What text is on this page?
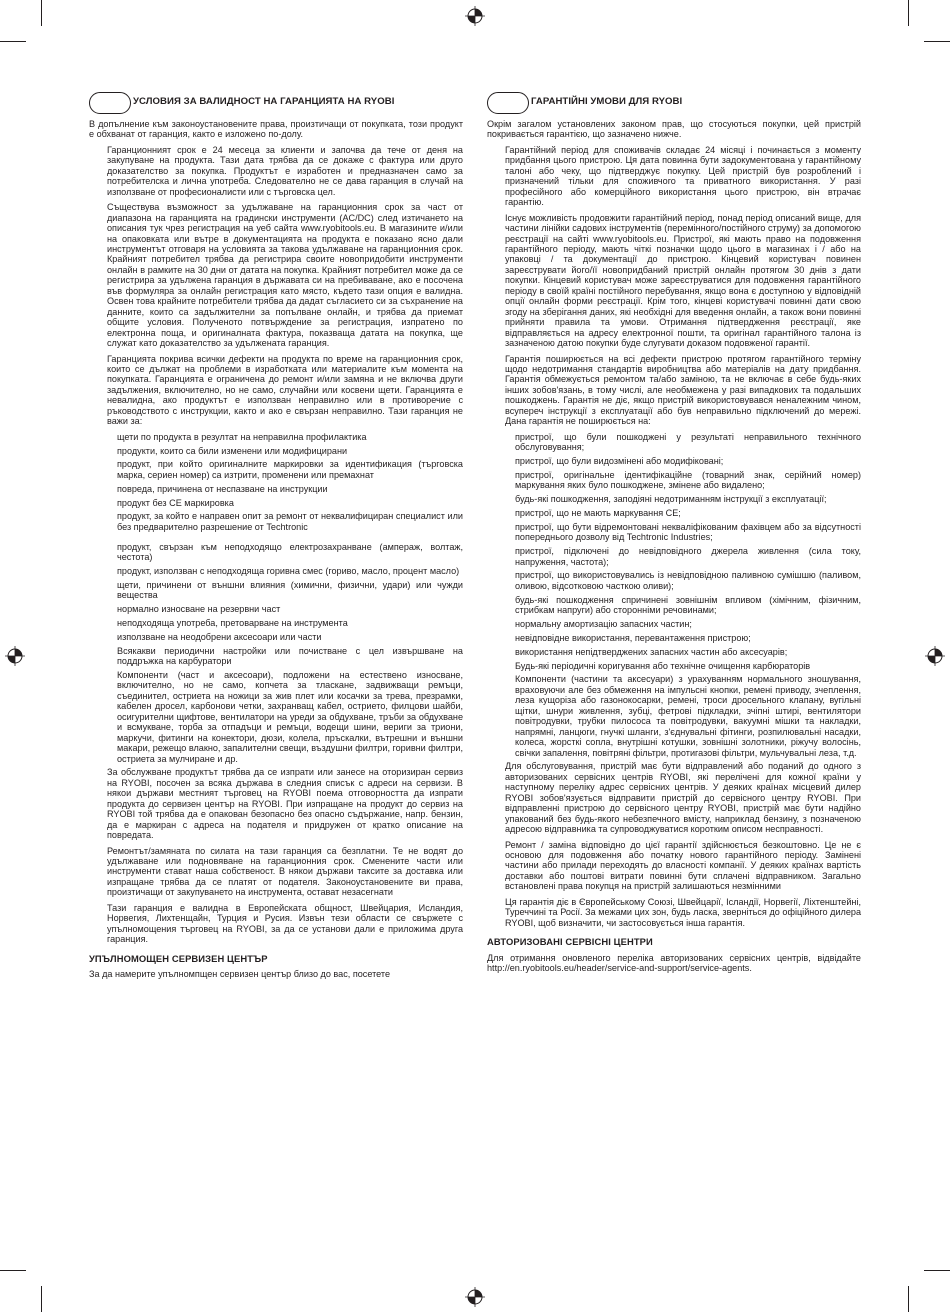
УСЛОВИЯ ЗА ВАЛИДНОСТ НА ГАРАНЦИЯТА НА RYOBI

В допълнение към законоустановените права, произтичащи от покупката, този продукт е обхванат от гаранция, както е изложено по-долу.

Гаранционният срок е 24 месеца за клиенти и започва да тече от деня на закупуване на продукта. Тази дата трябва да се докаже с фактура или друго доказателство за покупка. Продуктът е изработен и предназначен само за потребителска и лична употреба. Следователно не се дава гаранция в случай на използване от професионалисти или с търговска цел.

Съществува възможност за удължаване на гаранционния срок за част от диапазона на гаранцията на градински инструменти (AC/DC) след изтичането на описания тук чрез регистрация на уеб сайта www.ryobitools.eu. В магазините и/или на опаковката или вътре в документацията на продукта е показано ясно дали инструментът отговаря на условията за такова удължаване на гаранционния срок. Крайният потребител трябва да регистрира своите новопридобити инструменти онлайн в рамките на 30 дни от датата на покупка. Крайният потребител може да се регистрира за удължена гаранция в държавата си на пребиваване, ако е посочена във формуляра за онлайн регистрация като място, където тази опция е валидна. Освен това крайните потребители трябва да дадат съгласието си за съхранение на данните, които са задължителни за попълване онлайн, и трябва да приемат общите условия. Полученото потвърждение за регистрация, изпратено по електронна поща, и оригиналната фактура, показваща датата на покупка, ще служат като доказателство за удължената гаранция.

Гаранцията покрива всички дефекти на продукта по време на гаранционния срок, които се дължат на проблеми в изработката или материалите към момента на покупката. Гаранцията е ограничена до ремонт и/или замяна и не включва други задължения, включително, но не само, случайни или косвени щети. Гаранцията е невалидна, ако продуктът е използван неправилно или в противоречие с ръководството с инструкции, както и ако е свързан неправилно. Тази гаранция не важи за:

щети по продукта в резултат на неправилна профилактика

продукти, които са били изменени или модифицирани

продукт, при който оригиналните маркировки за идентификация (търговска марка, сериен номер) са изтрити, променени или премахнат

повреда, причинена от неспазване на инструкции

продукт без CE маркировка

продукт, за който е направен опит за ремонт от неквалифициран специалист или без предварително разрешение от Techtronic

продукт, свързан към неподходящо електрозахранване (ампераж, волтаж, честота)

продукт, използван с неподходяща горивна смес (гориво, масло, процент масло)

щети, причинени от външни влияния (химични, физични, удари) или чужди вещества

нормално износване на резервни част

неподходяща употреба, претоварване на инструмента

използване на неодобрени аксесоари или части

Всякакви периодични настройки или почистване с цел извършване на поддръжка на карбуратори

Компоненти (част и аксесоари), подложени на естествено износване, включително, но не само, копчета за тласкане, задвижващи ремъци, съединител, остриета на ножици за жив плет или косачки за трева, презрамки, кабелен дросел, карбонови четки, захранващ кабел, острието, филцови шайби, осигурителни щифтове, вентилатори на уреди за обдухване, тръби за обдухване и всмукване, торба за отпадъци и ремъци, водещи шини, вериги за триони, маркучи, фитинги на конектори, дюзи, колела, пръскалки, вътрешни и външни макари, режещо влакно, запалителни свещи, въздушни филтри, горивни филтри, остриета за мулчиране и др.

За обслужване продуктът трябва да се изпрати или занесе на оторизиран сервиз на RYOBI, посочен за всяка държава в следния списък с адреси на сервизи. В някои държави местният търговец на RYOBI поема отговорността да изпрати продукта до сервизен център на RYOBI. При изпращане на продукт до сервиз на RYOBI той трябва да е опакован безопасно без опасно съдържание, напр. бензин, да е маркиран с адреса на подателя и придружен от кратко описание на повредата.

Ремонтът/замяната по силата на тази гаранция са безплатни. Те не водят до удължаване или подновяване на гаранционния срок. Сменените части или инструменти стават наша собственост. В някои държави таксите за доставка или изпращане трябва да се платят от подателя. Законоустановените ви права, произтичащи от закупуването на инструмента, остават незасегнати

Тази гаранция е валидна в Европейската общност, Швейцария, Исландия, Норвегия, Лихтенщайн, Турция и Русия. Извън тези области се свържете с упълномощения търговец на RYOBI, за да се установи дали е приложима друга гаранция.

УПЪЛНОМОЩЕН СЕРВИЗЕН ЦЕНТЪР

За да намерите упълномпщен сервизен център близо до вас, посетете

ГАРАНТІЙНІ УМОВИ ДЛЯ RYOBI

Окрім загалом установлених законом прав, що стосуються покупки, цей пристрій покривається гарантією, що зазначено нижче.

Гарантійний період для споживачів складає 24 місяці і починається з моменту придбання цього пристрою. Ця дата повинна бути задокументована у гарантійному талоні або чеку, що підтверджує покупку. Цей пристрій був розроблений і призначений тільки для споживчого та приватного використання. У разі професійного або комерційного використання цього пристрою, він втрачає гарантію.

Існує можливість продовжити гарантійний період, понад період описаний вище, для частини лінійки садових інструментів (перемінного/постійного струму) за допомогою реєстрації на сайті www.ryobitools.eu. Пристрої, які мають право на подовження гарантійного періоду, мають чіткі позначки щодо цього в магазинах і / або на упаковці / та документації до пристрою. Кінцевий користувач повинен зареєструвати його/її новопридбаний пристрій онлайн протягом 30 днів з дати покупки. Кінцевий користувач може зареєструватися для подовження гарантійного періоду в своїй країні постійного перебування, якщо вона є доступною у відповідній опції онлайн форми реєстрації. Крім того, кінцеві користувачі повинні дати свою згоду на зберігання даних, які необхідні для введення онлайн, а також вони повинні прийняти правила та умови. Отримання підтвердження реєстрації, яке відправляється на адресу електронної пошти, та оригінал гарантійного талона із зазначеною датою покупки буде слугувати доказом подовженої гарантії.

Гарантія поширюється на всі дефекти пристрою протягом гарантійного терміну щодо недотримання стандартів виробництва або матеріалів на дату придбання. Гарантія обмежується ремонтом та/або заміною, та не включає в себе будь-яких інших зобов'язань, в тому числі, але необмежена у разі випадкових та подальших пошкоджень. Гарантія не діє, якщо пристрій використовувався неналежним чином, всупереч інструкції з експлуатації або був неправильно підключений до мережі. Дана гарантія не поширюється на:

пристрої, що були пошкоджені у результаті неправильного технічного обслуговування;

пристрої, що були видозмінені або модифіковані;

пристрої, оригінальне ідентифікаційне (товарний знак, серійний номер) маркування яких було пошкоджене, змінене або видалено;

будь-які пошкодження, заподіяні недотриманням інструкції з експлуатації;

пристрої, що не мають маркування CE;

пристрої, що бути відремонтовані некваліфікованим фахівцем або за відсутності попереднього дозволу від Techtronic Industries;

пристрої, підключені до невідповідного джерела живлення (сила току, напруження, частота);

пристрої, що використовувались із невідповідною паливною сумішшю (паливом, оливою, відсотковою часткою оливи);

будь-які пошкодження спричинені зовнішнім впливом (хімічним, фізичним, стрибкам напруги) або сторонніми речовинами;

нормальну амортизацію запасних частин;

невідповідне використання, перевантаження пристрою;

використання непідтверджених запасних частин або аксесуарів;

Будь-які періодичні коригування або технічне очищення карбюраторів

Компоненти (частини та аксесуари) з урахуванням нормального зношування, враховуючи але без обмеження на імпульсні кнопки, ремені приводу, зчеплення, леза кущоріза або газонокосарки, ремені, троси дросельного клапану, вугільні щітки, шнури живлення, зубці, фетрові підкладки, зчіпні штирі, вентилятори повітродувки, трубки пилососа та повітродувки, вакуумні мішки та накладки, напрямні, ланцюги, гнучкі шланги, з'єднувальні фітинги, розпилювальні насадки, колеса, жорсткі сопла, внутрішні котушки, зовнішні золотники, ріжучу волосінь, свічки запалення, повітряні фільтри, протигазові фільтри, мульчувальні леза, т.д.

Для обслуговування, пристрій має бути відправлений або поданий до одного з авторизованих сервісних центрів RYOBI, які перелічені для кожної країни у наступному переліку адрес сервісних центрів. У деяких країнах місцевий дилер RYOBI зобов'язується відправити пристрій до сервісного центру RYOBI. При відправленні пристрою до сервісного центру RYOBI, пристрій має бути надійно упакований без будь-якого небезпечного вмісту, наприклад бензину, з позначеною адресою відправника та супроводжуватися коротким описом несправності.

Ремонт / заміна відповідно до цієї гарантії здійснюється безкоштовно. Це не є основою для подовження або початку нового гарантійного періоду. Замінені частини або прилади переходять до власності компанії. У деяких країнах вартість доставки або поштові витрати повинні бути сплачені відправником. Загально встановлені права покупця на пристрій залишаються незмінними

Ця гарантія діє в Європейському Союзі, Швейцарії, Ісландії, Норвегії, Ліхтенштейні, Туреччині та Росії. За межами цих зон, будь ласка, зверніться до офіційного дилера RYOBI, щоб визначити, чи застосовується інша гарантія.

АВТОРИЗОВАНІ СЕРВІСНІ ЦЕНТРИ

Для отримання оновленого переліка авторизованих сервісних центрів, відвідайте http://en.ryobitools.eu/header/service-and-support/service-agents.
